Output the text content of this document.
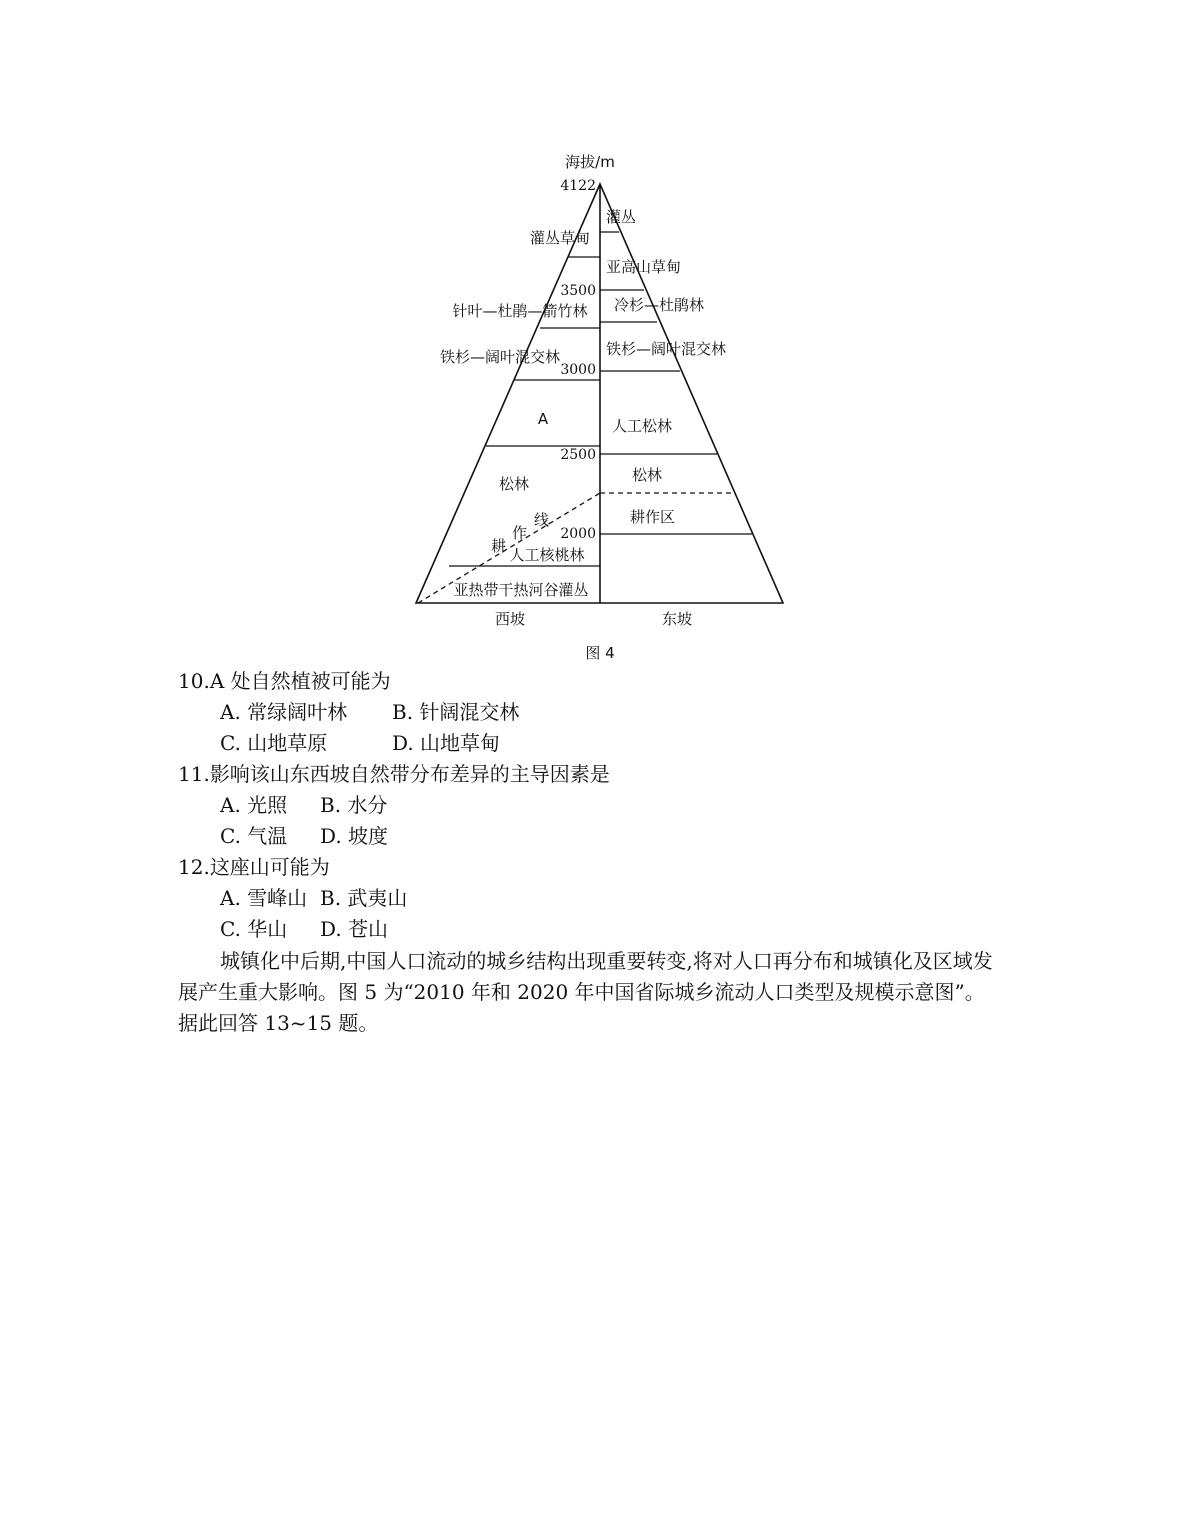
海拔/m
4122
3500
3000
2500
2000
灌丛草甸
针叶—杜鹃—箭竹林
铁杉—阔叶混交林
A
松林
耕
作
线
人工核桃林
亚热带干热河谷灌丛
灌丛
亚高山草甸
冷杉—杜鹃林
铁杉—阔叶混交林
人工松林
松林
耕作区
西坡	东坡
图 4
10.A 处自然植被可能为
A. 常绿阔叶林 B. 针阔混交林
C. 山地草原	D. 山地草甸
11.影响该山东西坡自然带分布差异的主导因素是
A. 光照 B. 水分
C. 气温 D. 坡度
12.这座山可能为
A. 雪峰山 B. 武夷山
C. 华山 D. 苍山

城镇化中后期,中国人口流动的城乡结构出现重要转变,将对人口再分布和城镇化及区域发

展产生重大影响。图 5 为“2010 年和 2020 年中国省际城乡流动人口类型及规模示意图”。

据此回答 13~15 题。
